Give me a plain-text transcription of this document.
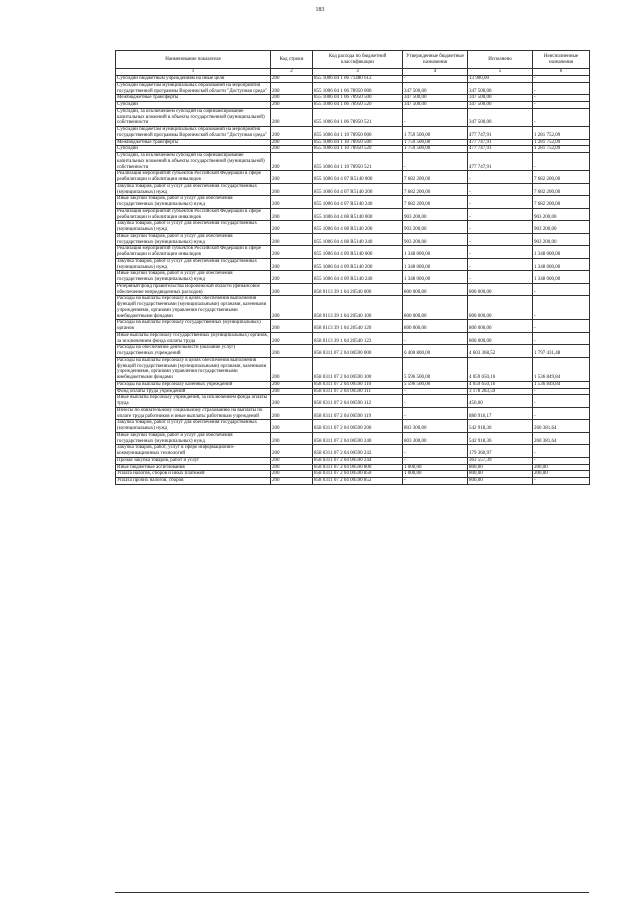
183
Наименование показателя	Код строки	Код расхода по бюджетной классификации	Утвержденные бюджетные назначения	Исполнено	Неисполненные назначения
1	2	3	4	5	6
Субсидии бюджетным учреждениям на иные цели	200	855 1006 04 1 06 71480 612	-	13 900,00	-
Субсидии бюджетам муниципальных образований на мероприятия государственной программы Воронежской области "Доступная среда"	200	855 1006 04 1 06 78950 000	347 500,00	347 500,00	-
Межбюджетные трансферты	200	855 1006 04 1 06 78950 500	347 500,00	347 500,00	-
Субсидии	200	855 1006 04 1 06 78950 520	347 500,00	347 500,00	-
Субсидии, за исключением субсидий на софинансирование капитальных вложений в объекты государственной (муниципальной) собственности	200	855 1006 04 1 06 78950 521	-	347 500,00	-
Субсидии бюджетам муниципальных образований на мероприятия государственной программы Воронежской области "Доступная среда"	200	855 1006 04 1 10 78950 000	1 759 500,00	477 747,91	1 281 752,09
Межбюджетные трансферты	200	855 1006 04 1 10 78950 500	1 759 500,00	477 747,91	1 281 752,09
Субсидии	200	855 1006 04 1 10 78950 520	1 759 500,00	477 747,91	1 281 752,09
Субсидии, за исключением субсидий на софинансирование капитальных вложений в объекты государственной (муниципальной) собственности	200	855 1006 04 1 10 78950 521	-	477 747,91	-
Реализация мероприятий субъектов Российской Федерации в сфере реабилитации и абилитации инвалидов	200	855 1006 04 4 07 R5140 000	7 682 200,00	-	7 682 200,00
Закупка товаров, работ и услуг для обеспечения государственных (муниципальных) нужд	200	855 1006 04 4 07 R5140 200	7 682 200,00	-	7 682 200,00
Иные закупки товаров, работ и услуг для обеспечения государственных (муниципальных) нужд	200	855 1006 04 4 07 R5140 240	7 682 200,00	-	7 682 200,00
Реализация мероприятий субъектов Российской Федерации в сфере реабилитации и абилитации инвалидов	200	855 1006 04 4 08 R5140 000	903 200,00	-	903 200,00
Закупка товаров, работ и услуг для обеспечения государственных (муниципальных) нужд	200	855 1006 04 4 08 R5140 200	903 200,00	-	903 200,00
Иные закупки товаров, работ и услуг для обеспечения государственных (муниципальных) нужд	200	855 1006 04 4 08 R5140 240	903 200,00	-	903 200,00
Реализация мероприятий субъектов Российской Федерации в сфере реабилитации и абилитации инвалидов	200	855 1006 04 4 09 R5140 000	1 348 000,00	-	1 348 000,00
Закупка товаров, работ и услуг для обеспечения государственных (муниципальных) нужд	200	855 1006 04 4 09 R5140 200	1 348 000,00	-	1 348 000,00
Иные закупки товаров, работ и услуг для обеспечения государственных (муниципальных) нужд	200	855 1006 04 4 09 R5140 240	1 348 000,00	-	1 348 000,00
Резервный фонд правительства Воронежской области (финансовое обеспечение непредвиденных расходов)	200	858 0113 39 1 04 20540 000	800 000,00	800 000,00	-
Расходы на выплаты персоналу в целях обеспечения выполнения функций государственными (муниципальными) органами, казенными учреждениями, органами управления государственными внебюджетными фондами	200	858 0113 39 1 04 20540 100	800 000,00	800 000,00	-
Расходы на выплаты персоналу государственных (муниципальных) органов	200	858 0113 39 1 04 20540 120	800 000,00	800 000,00	-
Иные выплаты персоналу государственных (муниципальных) органов, за исключением фонда оплаты труда	200	858 0113 39 1 04 20540 122	-	800 000,00	-
Расходы на обеспечение деятельности (оказание услуг) государственных учреждений	200	858 0311 07 2 04 00590 000	6 400 800,00	4 603 368,52	1 797 431,48
Расходы на выплаты персоналу в целях обеспечения выполнения функций государственными (муниципальными) органами, казенными учреждениями, органами управления государственными внебюджетными фондами	200	858 0311 07 2 04 00590 100	5 596 500,00	4 059 650,16	1 536 849,84
Расходы на выплаты персоналу казенных учреждений	200	858 0311 07 2 04 00590 110	5 596 500,00	4 059 650,16	1 536 849,84
Фонд оплаты труда учреждений	200	858 0311 07 2 04 00590 111	-	3 178 283,59	-
Иные выплаты персоналу учреждений, за исключением фонда оплаты труда	200	858 0311 07 2 04 00590 112	-	450,00	-
Взносы по обязательному социальному страхованию на выплаты по оплате труда работников и иные выплаты работникам учреждений	200	858 0311 07 2 04 00590 119	-	880 916,17	-
Закупка товаров, работ и услуг для обеспечения государственных (муниципальных) нужд	200	858 0311 07 2 04 00590 200	803 300,00	542 918,36	260 381,64
Иные закупки товаров, работ и услуг для обеспечения государственных (муниципальных) нужд	200	858 0311 07 2 04 00590 240	803 300,00	542 918,36	260 381,64
Закупка товаров, работ, услуг в сфере информационно-коммуникационных технологий	200	858 0311 07 2 04 00590 242	-	179 360,97	-
Прочая закупка товаров, работ и услуг	200	858 0311 07 2 04 00590 244	-	363 557,39	-
Иные бюджетные ассигнования	200	858 0311 07 2 04 00590 800	1 000,00	800,00	200,00
Уплата налогов, сборов и иных платежей	200	858 0311 07 2 04 00590 850	1 000,00	800,00	200,00
Уплата прочих налогов, сборов	200	858 0311 07 2 04 00590 852	-	800,00	-
